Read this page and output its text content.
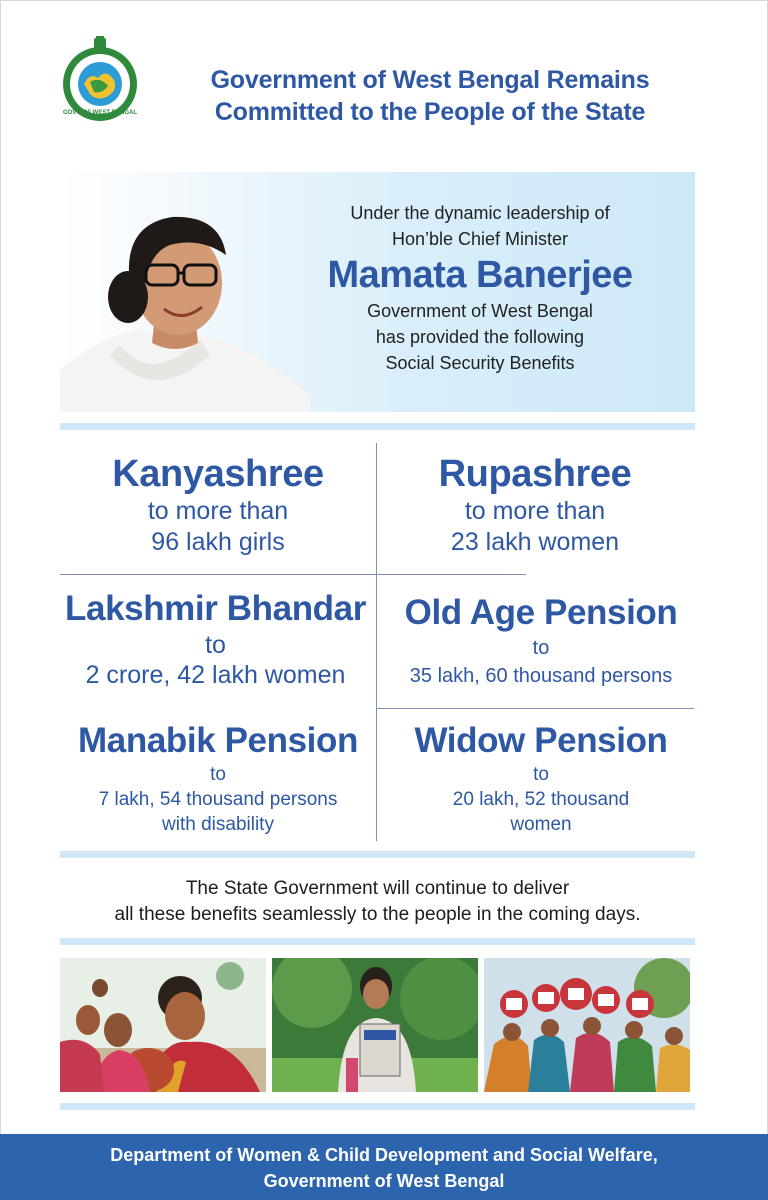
GOVT. OF WEST BENGAL
Government of West Bengal Remains
Committed to the People of the State
Under the dynamic leadership of
Hon’ble Chief Minister
Mamata Banerjee
Government of West Bengal
has provided the following
Social Security Benefits
Kanyashree
to more than
96 lakh girls
Rupashree
to more than
23 lakh women
Lakshmir Bhandar
to
2 crore, 42 lakh women
Old Age Pension
to
35 lakh, 60 thousand persons
Manabik Pension
to
7 lakh, 54 thousand persons
with disability
Widow Pension
to
20 lakh, 52 thousand
women
The State Government will continue to deliver
all these benefits seamlessly to the people in the coming days.
Department of Women & Child Development and Social Welfare,
Government of West Bengal
